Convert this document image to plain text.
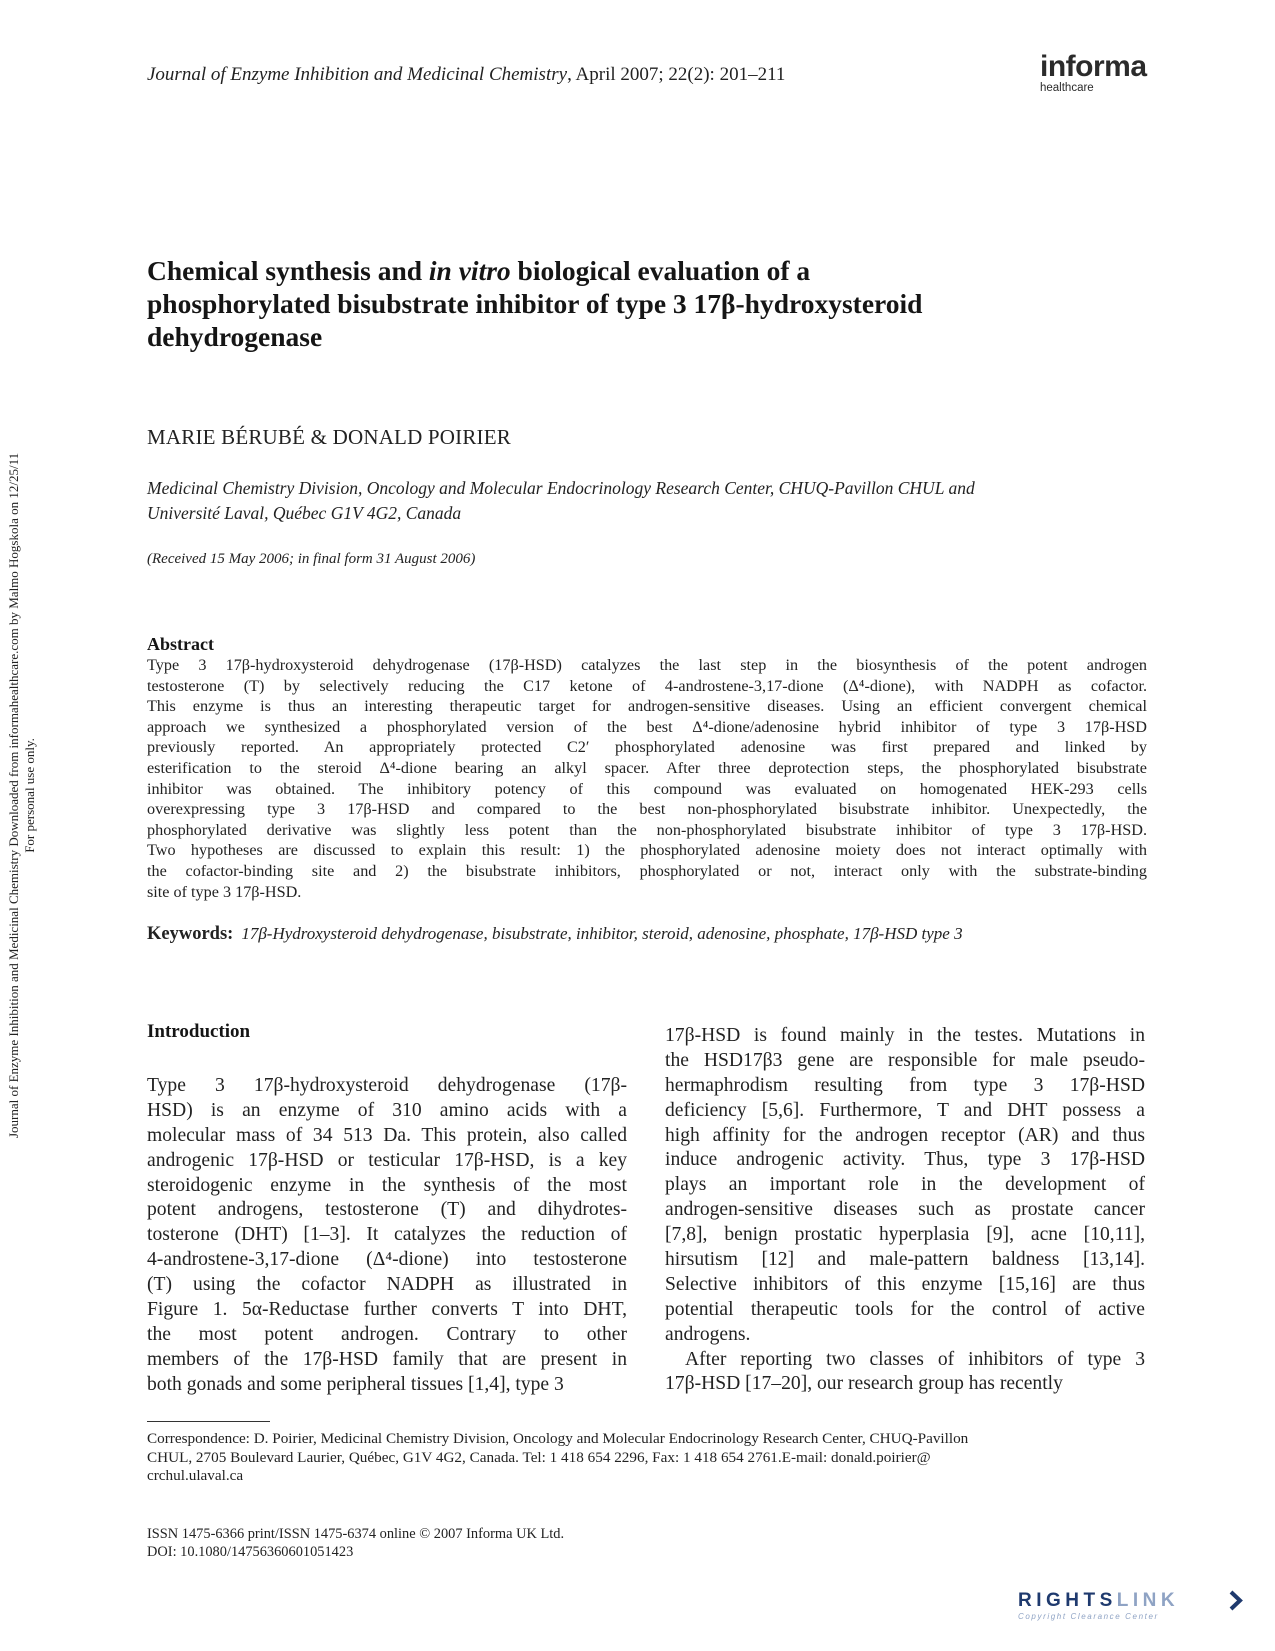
Journal of Enzyme Inhibition and Medicinal Chemistry, April 2007; 22(2): 201–211	informa
healthcare
Journal of Enzyme Inhibition and Medicinal Chemistry Downloaded from informahealthcare.com by Malmo Hogskola on 12/25/11 For personal use only.
Chemical synthesis and in vitro biological evaluation of a
phosphorylated bisubstrate inhibitor of type 3 17β-hydroxysteroid
dehydrogenase
MARIE BÉRUBÉ & DONALD POIRIER
Medicinal Chemistry Division, Oncology and Molecular Endocrinology Research Center, CHUQ-Pavillon CHUL and
Université Laval, Québec G1V 4G2, Canada
(Received 15 May 2006; in final form 31 August 2006)
Abstract
Type 3 17β-hydroxysteroid dehydrogenase (17β-HSD) catalyzes the last step in the biosynthesis of the potent androgen
testosterone (T) by selectively reducing the C17 ketone of 4-androstene-3,17-dione (Δ⁴-dione), with NADPH as cofactor.
This enzyme is thus an interesting therapeutic target for androgen-sensitive diseases. Using an efficient convergent chemical
approach we synthesized a phosphorylated version of the best Δ⁴-dione/adenosine hybrid inhibitor of type 3 17β-HSD
previously reported. An appropriately protected C2′ phosphorylated adenosine was first prepared and linked by
esterification to the steroid Δ⁴-dione bearing an alkyl spacer. After three deprotection steps, the phosphorylated bisubstrate
inhibitor was obtained. The inhibitory potency of this compound was evaluated on homogenated HEK-293 cells
overexpressing type 3 17β-HSD and compared to the best non-phosphorylated bisubstrate inhibitor. Unexpectedly, the
phosphorylated derivative was slightly less potent than the non-phosphorylated bisubstrate inhibitor of type 3 17β-HSD.
Two hypotheses are discussed to explain this result: 1) the phosphorylated adenosine moiety does not interact optimally with
the cofactor-binding site and 2) the bisubstrate inhibitors, phosphorylated or not, interact only with the substrate-binding
site of type 3 17β-HSD.
Keywords: 17β-Hydroxysteroid dehydrogenase, bisubstrate, inhibitor, steroid, adenosine, phosphate, 17β-HSD type 3
Introduction
Type 3 17β-hydroxysteroid dehydrogenase (17β-
HSD) is an enzyme of 310 amino acids with a
molecular mass of 34 513 Da. This protein, also called
androgenic 17β-HSD or testicular 17β-HSD, is a key
steroidogenic enzyme in the synthesis of the most
potent androgens, testosterone (T) and dihydrotes-
tosterone (DHT) [1–3]. It catalyzes the reduction of
4-androstene-3,17-dione (Δ⁴-dione) into testosterone
(T) using the cofactor NADPH as illustrated in
Figure 1. 5α-Reductase further converts T into DHT,
the most potent androgen. Contrary to other
members of the 17β-HSD family that are present in
both gonads and some peripheral tissues [1,4], type 3
17β-HSD is found mainly in the testes. Mutations in
the HSD17β3 gene are responsible for male pseudo-
hermaphrodism resulting from type 3 17β-HSD
deficiency [5,6]. Furthermore, T and DHT possess a
high affinity for the androgen receptor (AR) and thus
induce androgenic activity. Thus, type 3 17β-HSD
plays an important role in the development of
androgen-sensitive diseases such as prostate cancer
[7,8], benign prostatic hyperplasia [9], acne [10,11],
hirsutism [12] and male-pattern baldness [13,14].
Selective inhibitors of this enzyme [15,16] are thus
potential therapeutic tools for the control of active
androgens.
After reporting two classes of inhibitors of type 3
17β-HSD [17–20], our research group has recently
Correspondence: D. Poirier, Medicinal Chemistry Division, Oncology and Molecular Endocrinology Research Center, CHUQ-Pavillon
CHUL, 2705 Boulevard Laurier, Québec, G1V 4G2, Canada. Tel: 1 418 654 2296, Fax: 1 418 654 2761.E-mail: donald.poirier@
crchul.ulaval.ca
ISSN 1475-6366 print/ISSN 1475-6374 online © 2007 Informa UK Ltd.
DOI: 10.1080/14756360601051423
RIGHTSLINK
Copyright Clearance Center
